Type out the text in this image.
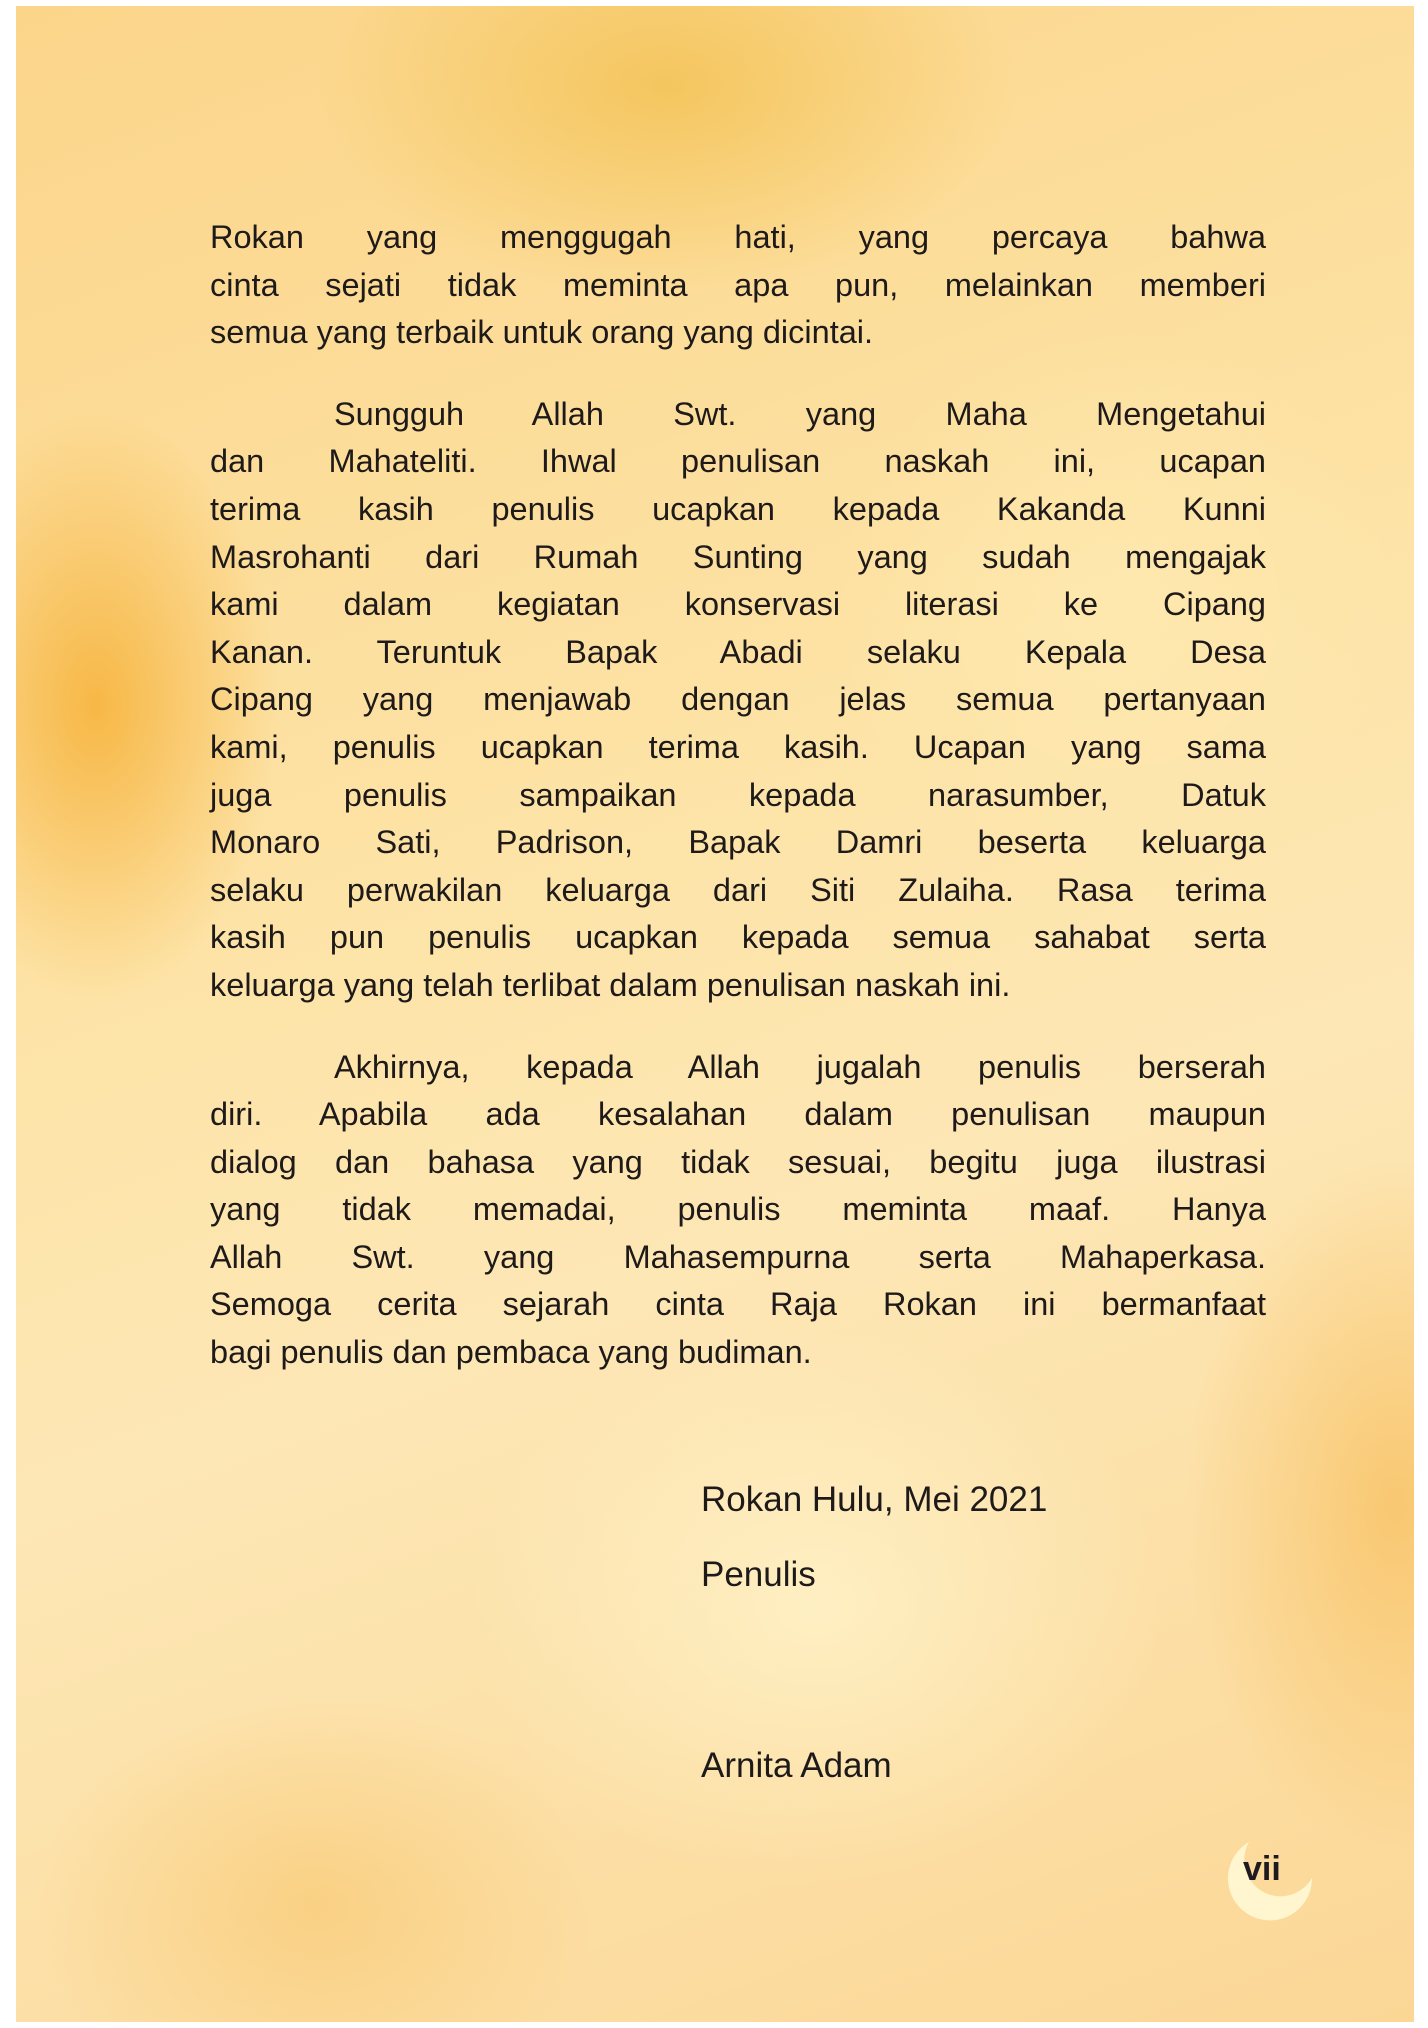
Rokan yang menggugah hati, yang percaya bahwa
cinta sejati tidak meminta apa pun, melainkan memberi
semua yang terbaik untuk orang yang dicintai.
Sungguh Allah Swt. yang Maha Mengetahui
dan Mahateliti. Ihwal penulisan naskah ini, ucapan
terima kasih penulis ucapkan kepada Kakanda Kunni
Masrohanti dari Rumah Sunting yang sudah mengajak
kami dalam kegiatan konservasi literasi ke Cipang
Kanan. Teruntuk Bapak Abadi selaku Kepala Desa
Cipang yang menjawab dengan jelas semua pertanyaan
kami, penulis ucapkan terima kasih. Ucapan yang sama
juga penulis sampaikan kepada narasumber, Datuk
Monaro Sati, Padrison, Bapak Damri beserta keluarga
selaku perwakilan keluarga dari Siti Zulaiha. Rasa terima
kasih pun penulis ucapkan kepada semua sahabat serta
keluarga yang telah terlibat dalam penulisan naskah ini.
Akhirnya, kepada Allah jugalah penulis berserah
diri. Apabila ada kesalahan dalam penulisan maupun
dialog dan bahasa yang tidak sesuai, begitu juga ilustrasi
yang tidak memadai, penulis meminta maaf. Hanya
Allah Swt. yang Mahasempurna serta Mahaperkasa.
Semoga cerita sejarah cinta Raja Rokan ini bermanfaat
bagi penulis dan pembaca yang budiman.
Rokan Hulu, Mei 2021
Penulis
Arnita Adam
vii
